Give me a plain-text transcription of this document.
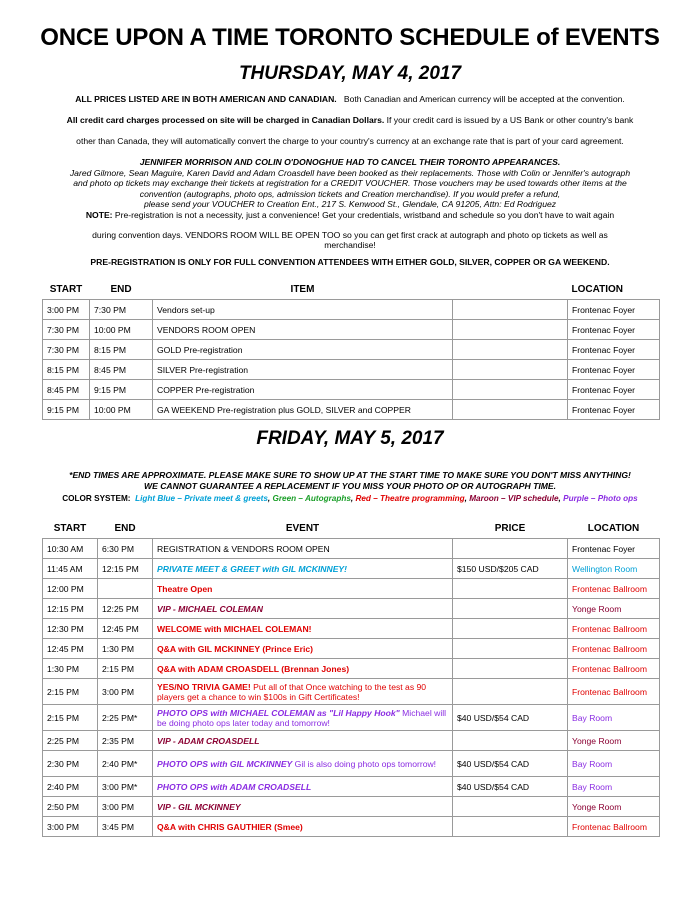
ONCE UPON A TIME TORONTO SCHEDULE of EVENTS
THURSDAY, MAY 4, 2017
ALL PRICES LISTED ARE IN BOTH AMERICAN AND CANADIAN. Both Canadian and American currency will be accepted at the convention.
All credit card charges processed on site will be charged in Canadian Dollars. If your credit card is issued by a US Bank or other country's bank
other than Canada, they will automatically convert the charge to your country's currency at an exchange rate that is part of your card agreement.
JENNIFER MORRISON AND COLIN O'DONOGHUE HAD TO CANCEL THEIR TORONTO APPEARANCES.
Jared Gilmore, Sean Maguire, Karen David and Adam Croasdell have been booked as their replacements. Those with Colin or Jennifer's autograph
and photo op tickets may exchange their tickets at registration for a CREDIT VOUCHER. Those vouchers may be used towards other items at the
convention (autographs, photo ops, admission tickets and Creation merchandise). If you would prefer a refund,
please send your VOUCHER to Creation Ent., 217 S. Kenwood St., Glendale, CA 91205, Attn: Ed Rodriguez
NOTE: Pre-registration is not a necessity, just a convenience! Get your credentials, wristband and schedule so you don't have to wait again
during convention days. VENDORS ROOM WILL BE OPEN TOO so you can get first crack at autograph and photo op tickets as well as
merchandise!
PRE-REGISTRATION IS ONLY FOR FULL CONVENTION ATTENDEES WITH EITHER GOLD, SILVER, COPPER OR GA WEEKEND.
START	END	ITEM		LOCATION
3:00 PM	7:30 PM	Vendors set-up		Frontenac Foyer
7:30 PM	10:00 PM	VENDORS ROOM OPEN		Frontenac Foyer
7:30 PM	8:15 PM	GOLD Pre-registration		Frontenac Foyer
8:15 PM	8:45 PM	SILVER Pre-registration		Frontenac Foyer
8:45 PM	9:15 PM	COPPER Pre-registration		Frontenac Foyer
9:15 PM	10:00 PM	GA WEEKEND Pre-registration plus GOLD, SILVER and COPPER		Frontenac Foyer
FRIDAY, MAY 5, 2017
*END TIMES ARE APPROXIMATE. PLEASE MAKE SURE TO SHOW UP AT THE START TIME TO MAKE SURE YOU DON'T MISS ANYTHING!
WE CANNOT GUARANTEE A REPLACEMENT IF YOU MISS YOUR PHOTO OP OR AUTOGRAPH TIME.
COLOR SYSTEM: Light Blue – Private meet & greets, Green – Autographs, Red – Theatre programming, Maroon – VIP schedule, Purple – Photo ops
START	END	EVENT	PRICE	LOCATION
10:30 AM	6:30 PM	REGISTRATION & VENDORS ROOM OPEN		Frontenac Foyer
11:45 AM	12:15 PM	PRIVATE MEET & GREET with GIL MCKINNEY!	$150 USD/$205 CAD	Wellington Room
12:00 PM		Theatre Open		Frontenac Ballroom
12:15 PM	12:25 PM	VIP - MICHAEL COLEMAN		Yonge Room
12:30 PM	12:45 PM	WELCOME with MICHAEL COLEMAN!		Frontenac Ballroom
12:45 PM	1:30 PM	Q&A with GIL MCKINNEY (Prince Eric)		Frontenac Ballroom
1:30 PM	2:15 PM	Q&A with ADAM CROASDELL (Brennan Jones)		Frontenac Ballroom
2:15 PM	3:00 PM	YES/NO TRIVIA GAME! Put all of that Once watching to the test as 90 players get a chance to win $100s in Gift Certificates!		Frontenac Ballroom
2:15 PM	2:25 PM*	PHOTO OPS with MICHAEL COLEMAN as "Lil Happy Hook" Michael will be doing photo ops later today and tomorrow!	$40 USD/$54 CAD	Bay Room
2:25 PM	2:35 PM	VIP - ADAM CROASDELL		Yonge Room
2:30 PM	2:40 PM*	PHOTO OPS with GIL MCKINNEY Gil is also doing photo ops tomorrow!	$40 USD/$54 CAD	Bay Room
2:40 PM	3:00 PM*	PHOTO OPS with ADAM CROADSELL	$40 USD/$54 CAD	Bay Room
2:50 PM	3:00 PM	VIP - GIL MCKINNEY		Yonge Room
3:00 PM	3:45 PM	Q&A with CHRIS GAUTHIER (Smee)		Frontenac Ballroom
